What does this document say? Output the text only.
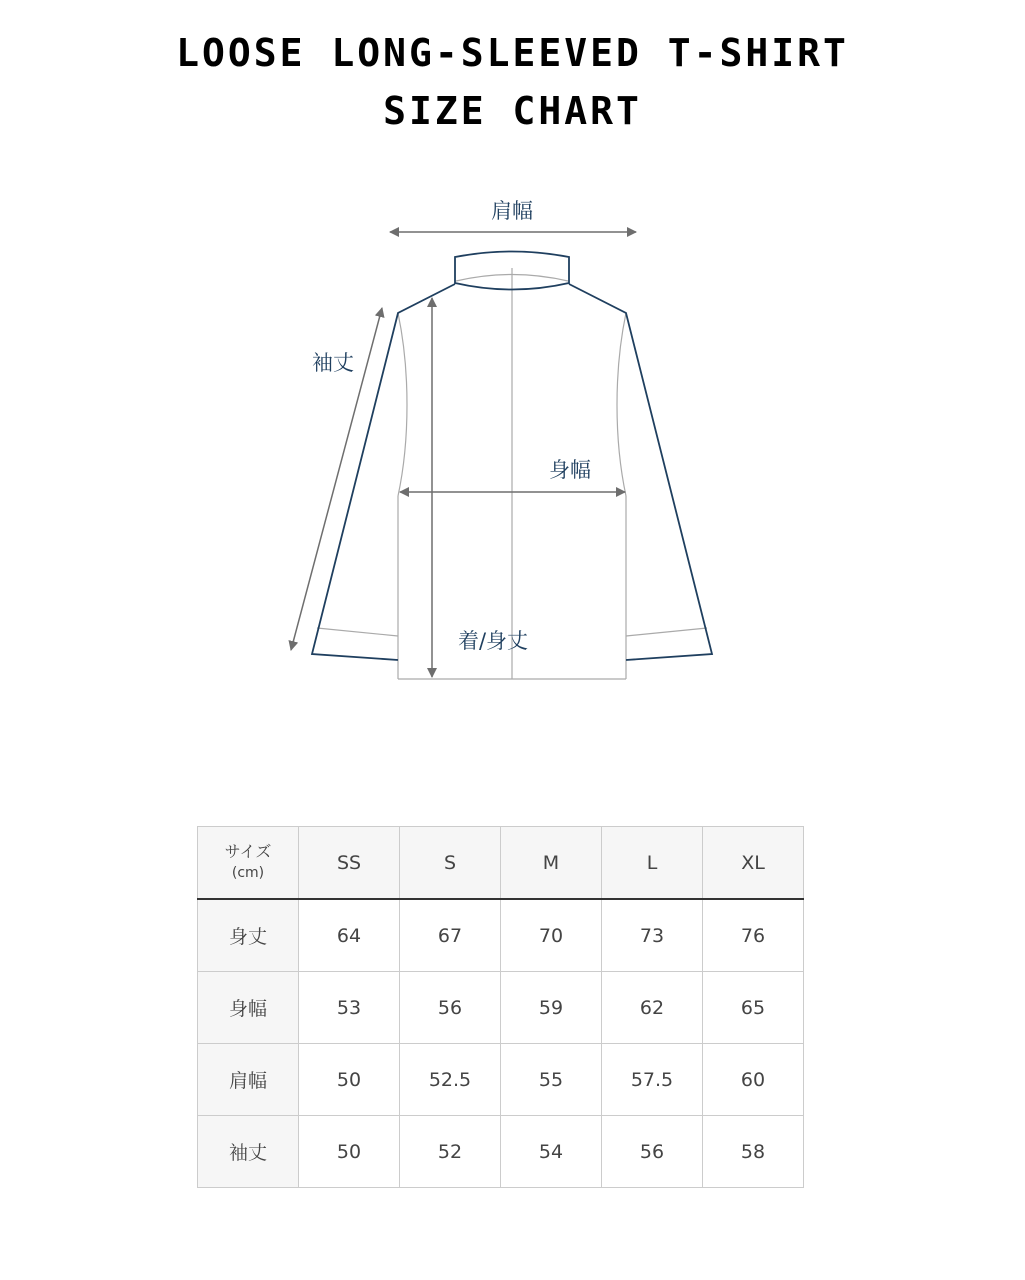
LOOSE LONG-SLEEVED T-SHIRT
SIZE CHART
肩幅
袖丈
身幅
着/身丈
サイズ
(cm)	SS	S	M	L	XL
身丈	64	67	70	73	76
身幅	53	56	59	62	65
肩幅	50	52.5	55	57.5	60
袖丈	50	52	54	56	58
